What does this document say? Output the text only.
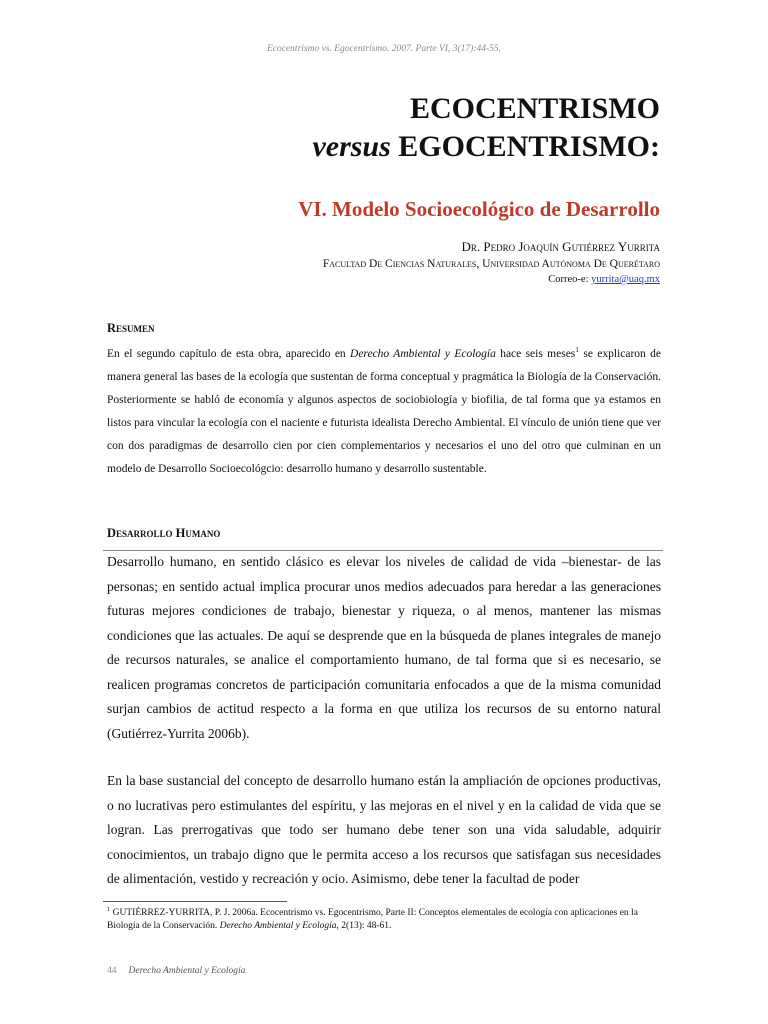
Ecocentrismo vs. Egocentrismo. 2007. Parte VI, 3(17):44-55.
ECOCENTRISMO
versus EGOCENTRISMO:
VI. Modelo Socioecológico de Desarrollo
Dr. Pedro Joaquín Gutiérrez Yurrita
Facultad De Ciencias Naturales, Universidad Autónoma De Querétaro
Correo-e: yurrita@uaq.mx
Resumen

En el segundo capítulo de esta obra, aparecido en Derecho Ambiental y Ecología hace seis meses$^1$ se explicaron de manera general las bases de la ecología que sustentan de forma conceptual y pragmática la Biología de la Conservación. Posteriormente se habló de economía y algunos aspectos de sociobiología y biofilia, de tal forma que ya estamos en listos para vincular la ecología con el naciente e futurista idealista Derecho Ambiental. El vínculo de unión tiene que ver con dos paradigmas de desarrollo cien por cien complementarios y necesarios el uno del otro que culminan en un modelo de Desarrollo Socioecológcio: desarrollo humano y desarrollo sustentable.

Desarrollo Humano

Desarrollo humano, en sentido clásico es elevar los niveles de calidad de vida –bienestar- de las personas; en sentido actual implica procurar unos medios adecuados para heredar a las generaciones futuras mejores condiciones de trabajo, bienestar y riqueza, o al menos, mantener las mismas condiciones que las actuales. De aquí se desprende que en la búsqueda de planes integrales de manejo de recursos naturales, se analice el comportamiento humano, de tal forma que si es necesario, se realicen programas concretos de participación comunitaria enfocados a que de la misma comunidad surjan cambios de actitud respecto a la forma en que utiliza los recursos de su entorno natural (Gutiérrez-Yurrita 2006b).

En la base sustancial del concepto de desarrollo humano están la ampliación de opciones productivas, o no lucrativas pero estimulantes del espíritu, y las mejoras en el nivel y en la calidad de vida que se logran. Las prerrogativas que todo ser humano debe tener son una vida saludable, adquirir conocimientos, un trabajo digno que le permita acceso a los recursos que satisfagan sus necesidades de alimentación, vestido y recreación y ocio. Asimismo, debe tener la facultad de poder

$^1$ GUTIÉRREZ-YURRITA, P. J. 2006a. Ecocentrismo vs. Egocentrismo, Parte II: Conceptos elementales de ecología con aplicaciones en la Biología de la Conservación. Derecho Ambiental y Ecología, 2(13): 48-61.

44 Derecho Ambiental y Ecología
